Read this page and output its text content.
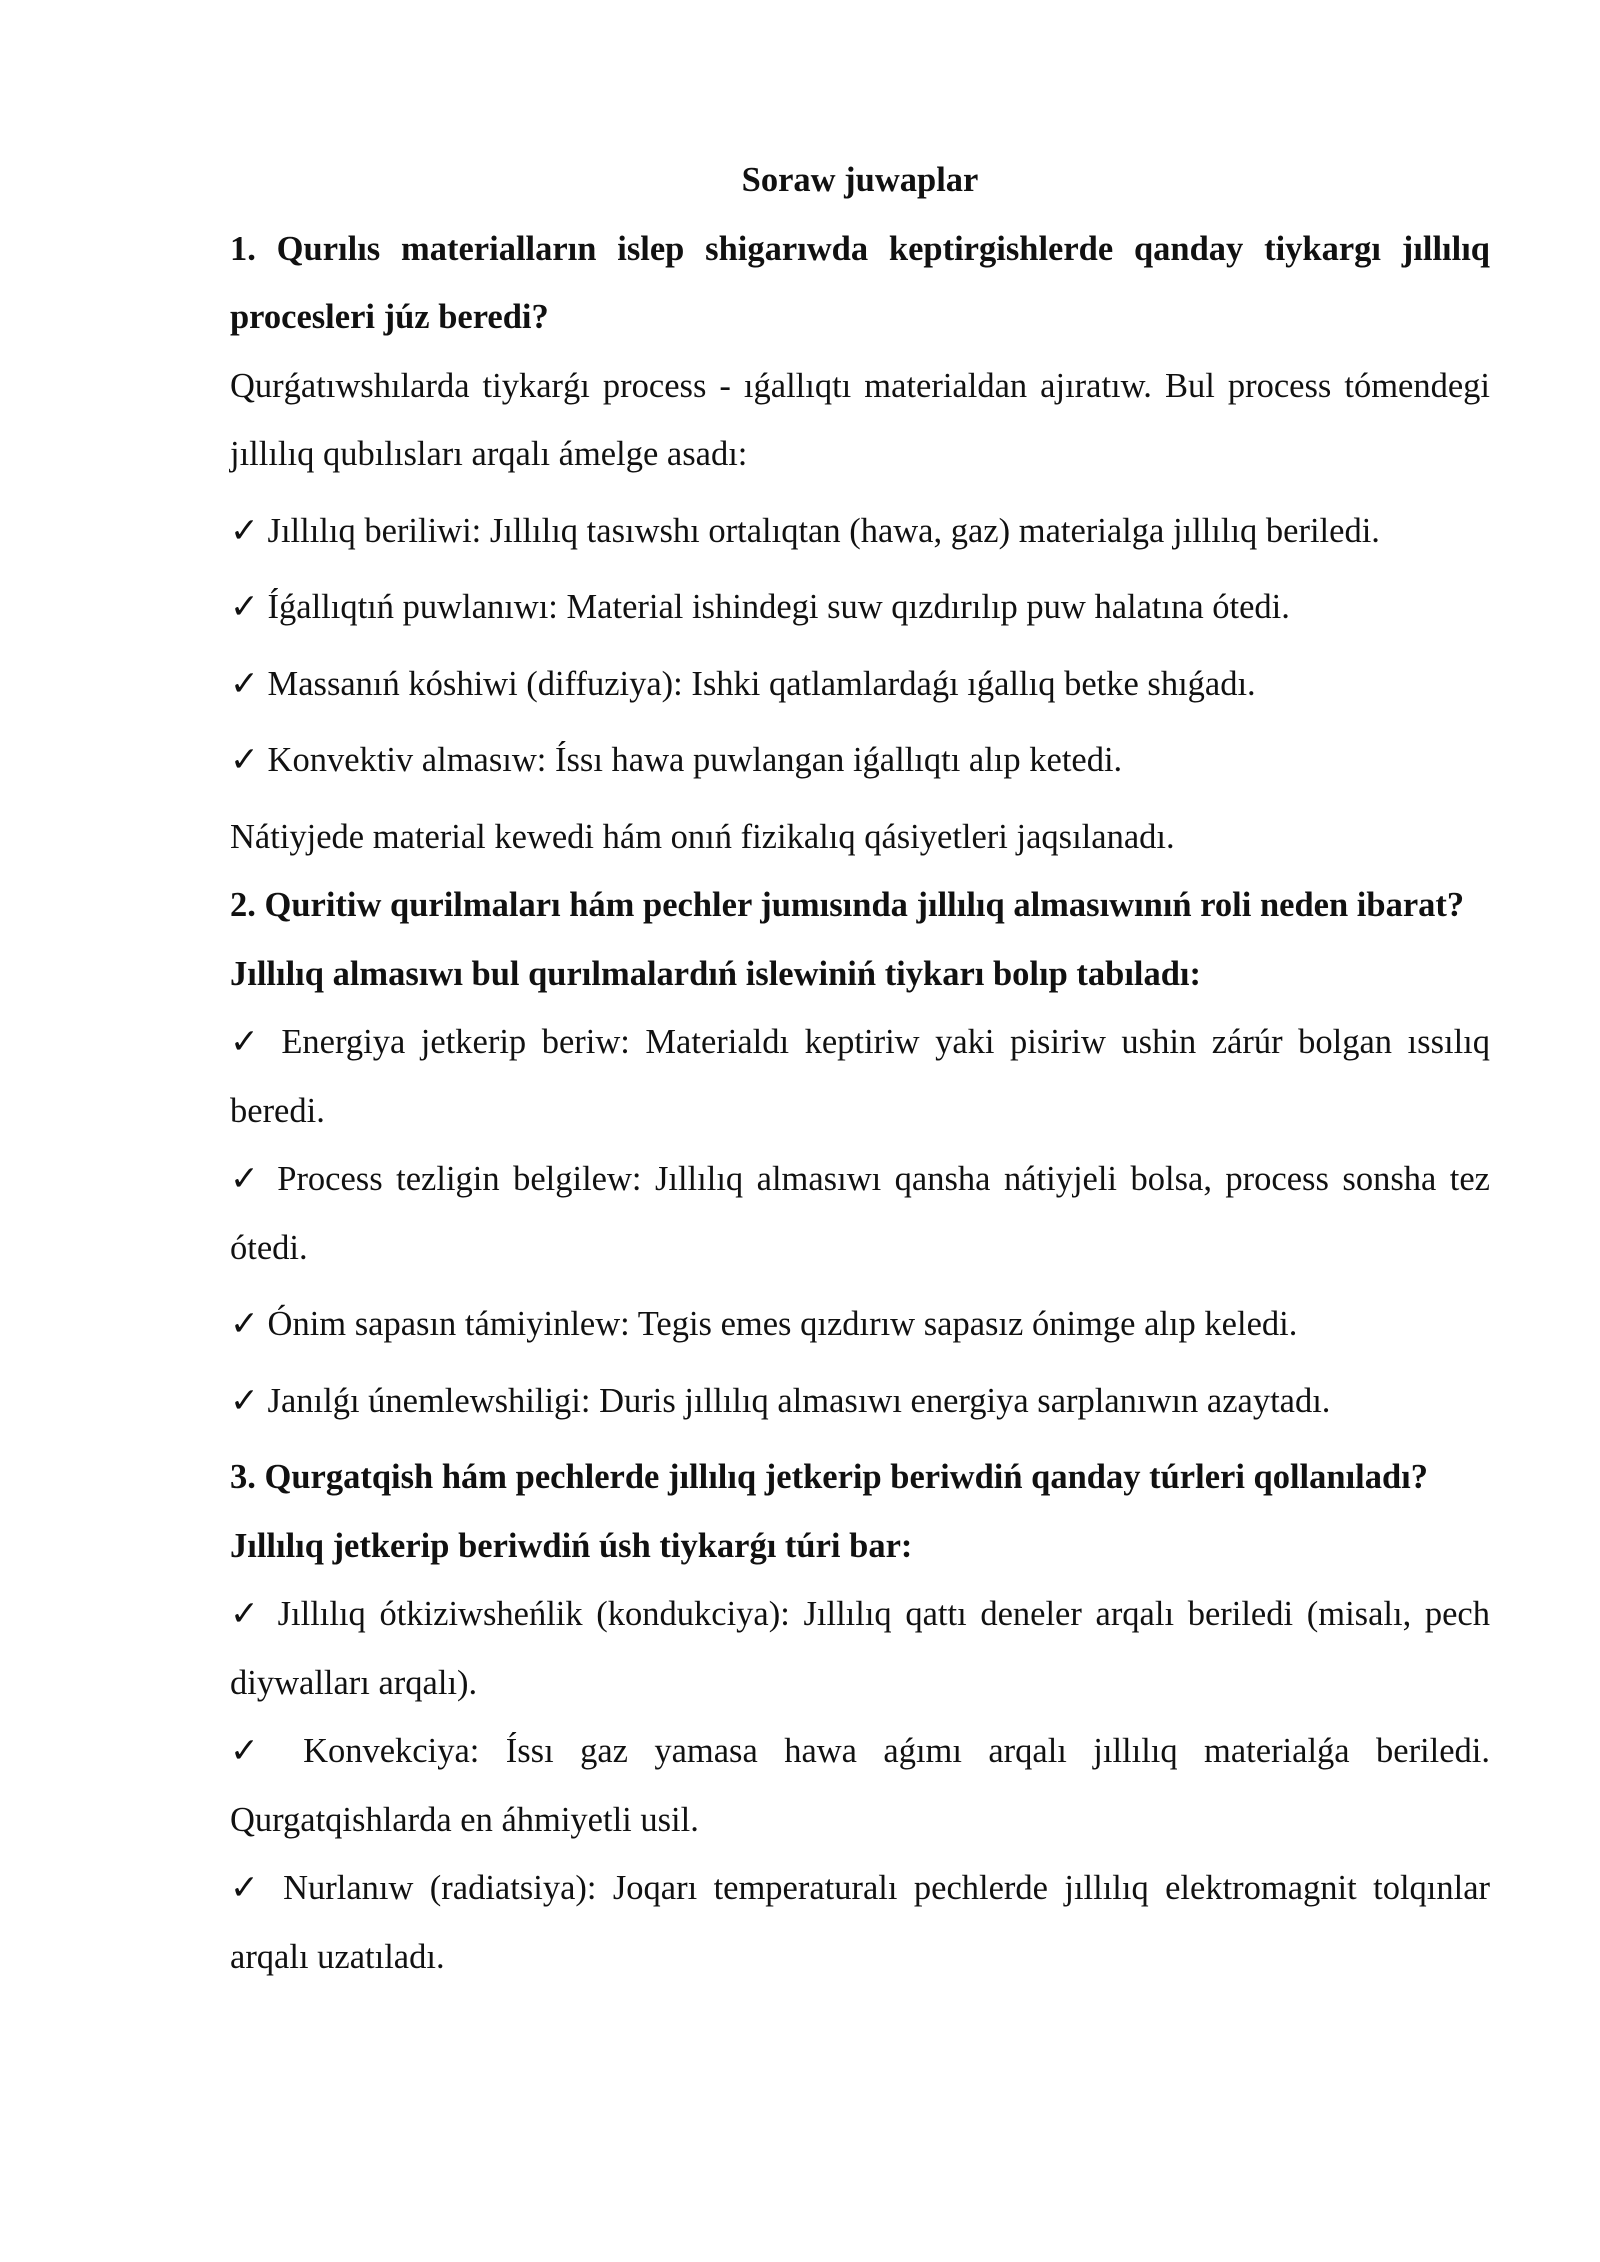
Soraw juwaplar

1. Qurılıs materialların islep shigarıwda keptirgishlerde qanday tiykargı jıllılıq procesleri júz beredi?

Qurǵatıwshılarda tiykarǵı process - ıǵallıqtı materialdan ajıratıw. Bul process tómendegi jıllılıq qubılısları arqalı ámelge asadı:

✓ Jıllılıq beriliwi: Jıllılıq tasıwshı ortalıqtan (hawa, gaz) materialga jıllılıq beriledi.

✓ Íǵallıqtıń puwlanıwı: Material ishindegi suw qızdırılıp puw halatına ótedi.

✓ Massanıń kóshiwi (diffuziya): Ishki qatlamlardaǵı ıǵallıq betke shıǵadı.

✓ Konvektiv almasıw: Íssı hawa puwlangan iǵallıqtı alıp ketedi.

Nátiyjede material kewedi hám onıń fizikalıq qásiyetleri jaqsılanadı.

2. Quritiw qurilmaları hám pechler jumısında jıllılıq almasıwınıń roli neden ibarat?

Jıllılıq almasıwı bul qurılmalardıń islewiniń tiykarı bolıp tabıladı:

✓ Energiya jetkerip beriw: Materialdı keptiriw yaki pisiriw ushin zárúr bolgan ıssılıq beredi.

✓ Process tezligin belgilew: Jıllılıq almasıwı qansha nátiyjeli bolsa, process sonsha tez ótedi.

✓ Ónim sapasın támiyinlew: Tegis emes qızdırıw sapasız ónimge alıp keledi.

✓ Janılǵı únemlewshiligi: Duris jıllılıq almasıwı energiya sarplanıwın azaytadı.

3. Qurgatqish hám pechlerde jıllılıq jetkerip beriwdiń qanday túrleri qollanıladı?

Jıllılıq jetkerip beriwdiń úsh tiykarǵı túri bar:

✓ Jıllılıq ótkiziwsheńlik (kondukciya): Jıllılıq qattı deneler arqalı beriledi (misalı, pech diywalları arqalı).

✓ Konvekciya: Íssı gaz yamasa hawa aǵımı arqalı jıllılıq materialǵa beriledi. Qurgatqishlarda en áhmiyetli usil.

✓ Nurlanıw (radiatsiya): Joqarı temperaturalı pechlerde jıllılıq elektromagnit tolqınlar arqalı uzatıladı.
